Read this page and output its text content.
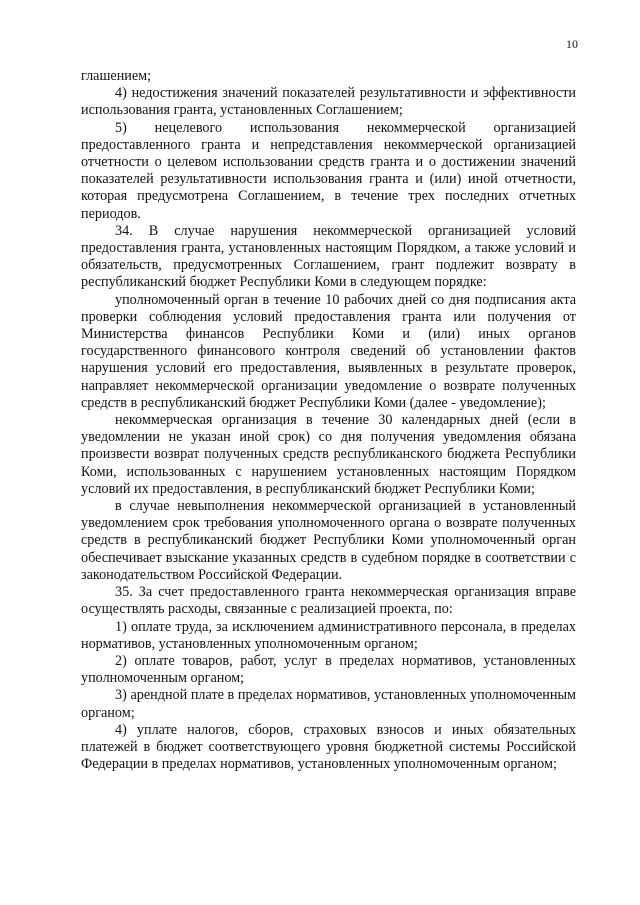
10

глашением;

4) недостижения значений показателей результативности и эффективности использования гранта, установленных Соглашением;

5) нецелевого использования некоммерческой организацией предоставленного гранта и непредставления некоммерческой организацией отчетности о целевом использовании средств гранта и о достижении значений показателей результативности использования гранта и (или) иной отчетности, которая предусмотрена Соглашением, в течение трех последних отчетных периодов.

34. В случае нарушения некоммерческой организацией условий предоставления гранта, установленных настоящим Порядком, а также условий и обязательств, предусмотренных Соглашением, грант подлежит возврату в республиканский бюджет Республики Коми в следующем порядке:

уполномоченный орган в течение 10 рабочих дней со дня подписания акта проверки соблюдения условий предоставления гранта или получения от Министерства финансов Республики Коми и (или) иных органов государственного финансового контроля сведений об установлении фактов нарушения условий его предоставления, выявленных в результате проверок, направляет некоммерческой организации уведомление о возврате полученных средств в республиканский бюджет Республики Коми (далее - уведомление);

некоммерческая организация в течение 30 календарных дней (если в уведомлении не указан иной срок) со дня получения уведомления обязана произвести возврат полученных средств республиканского бюджета Республики Коми, использованных с нарушением установленных настоящим Порядком условий их предоставления, в республиканский бюджет Республики Коми;

в случае невыполнения некоммерческой организацией в установленный уведомлением срок требования уполномоченного органа о возврате полученных средств в республиканский бюджет Республики Коми уполномоченный орган обеспечивает взыскание указанных средств в судебном порядке в соответствии с законодательством Российской Федерации.

35. За счет предоставленного гранта некоммерческая организация вправе осуществлять расходы, связанные с реализацией проекта, по:

1) оплате труда, за исключением административного персонала, в пределах нормативов, установленных уполномоченным органом;

2) оплате товаров, работ, услуг в пределах нормативов, установленных уполномоченным органом;

3) арендной плате в пределах нормативов, установленных уполномоченным органом;

4) уплате налогов, сборов, страховых взносов и иных обязательных платежей в бюджет соответствующего уровня бюджетной системы Российской Федерации в пределах нормативов, установленных уполномоченным органом;
